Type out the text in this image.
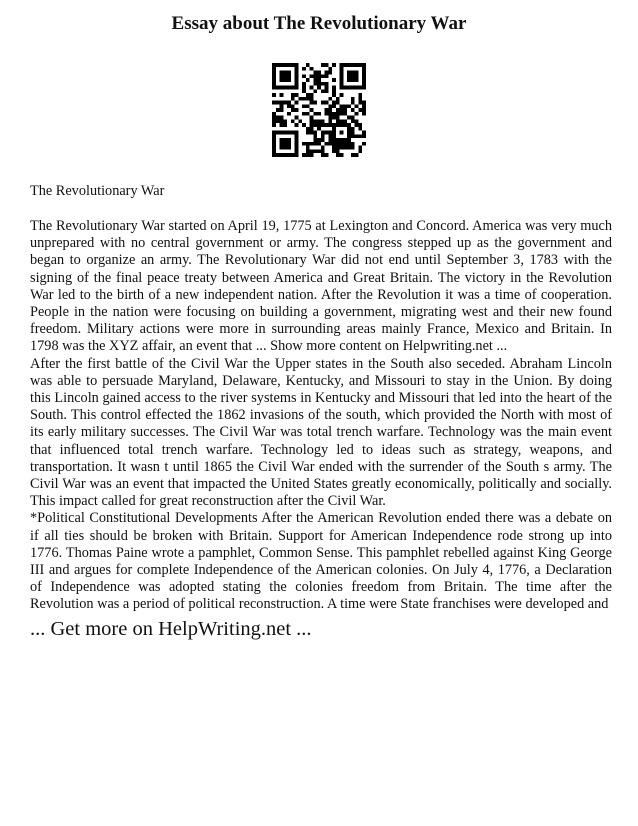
Essay about The Revolutionary War
The Revolutionary War

The Revolutionary War started on April 19, 1775 at Lexington and Concord. America was very much unprepared with no central government or army. The congress stepped up as the government and began to organize an army. The Revolutionary War did not end until September 3, 1783 with the signing of the final peace treaty between America and Great Britain. The victory in the Revolution War led to the birth of a new independent nation. After the Revolution it was a time of cooperation. People in the nation were focusing on building a government, migrating west and their new found freedom. Military actions were more in surrounding areas mainly France, Mexico and Britain. In 1798 was the XYZ affair, an event that ... Show more content on Helpwriting.net ...

After the first battle of the Civil War the Upper states in the South also seceded. Abraham Lincoln was able to persuade Maryland, Delaware, Kentucky, and Missouri to stay in the Union. By doing this Lincoln gained access to the river systems in Kentucky and Missouri that led into the heart of the South. This control effected the 1862 invasions of the south, which provided the North with most of its early military successes. The Civil War was total trench warfare. Technology was the main event that influenced total trench warfare. Technology led to ideas such as strategy, weapons, and transportation. It wasn t until 1865 the Civil War ended with the surrender of the South s army. The Civil War was an event that impacted the United States greatly economically, politically and socially. This impact called for great reconstruction after the Civil War.

*Political Constitutional Developments After the American Revolution ended there was a debate on if all ties should be broken with Britain. Support for American Independence rode strong up into 1776. Thomas Paine wrote a pamphlet, Common Sense. This pamphlet rebelled against King George III and argues for complete Independence of the American colonies. On July 4, 1776, a Declaration of Independence was adopted stating the colonies freedom from Britain. The time after the Revolution was a period of political reconstruction. A time were State franchises were developed and

... Get more on HelpWriting.net ...
